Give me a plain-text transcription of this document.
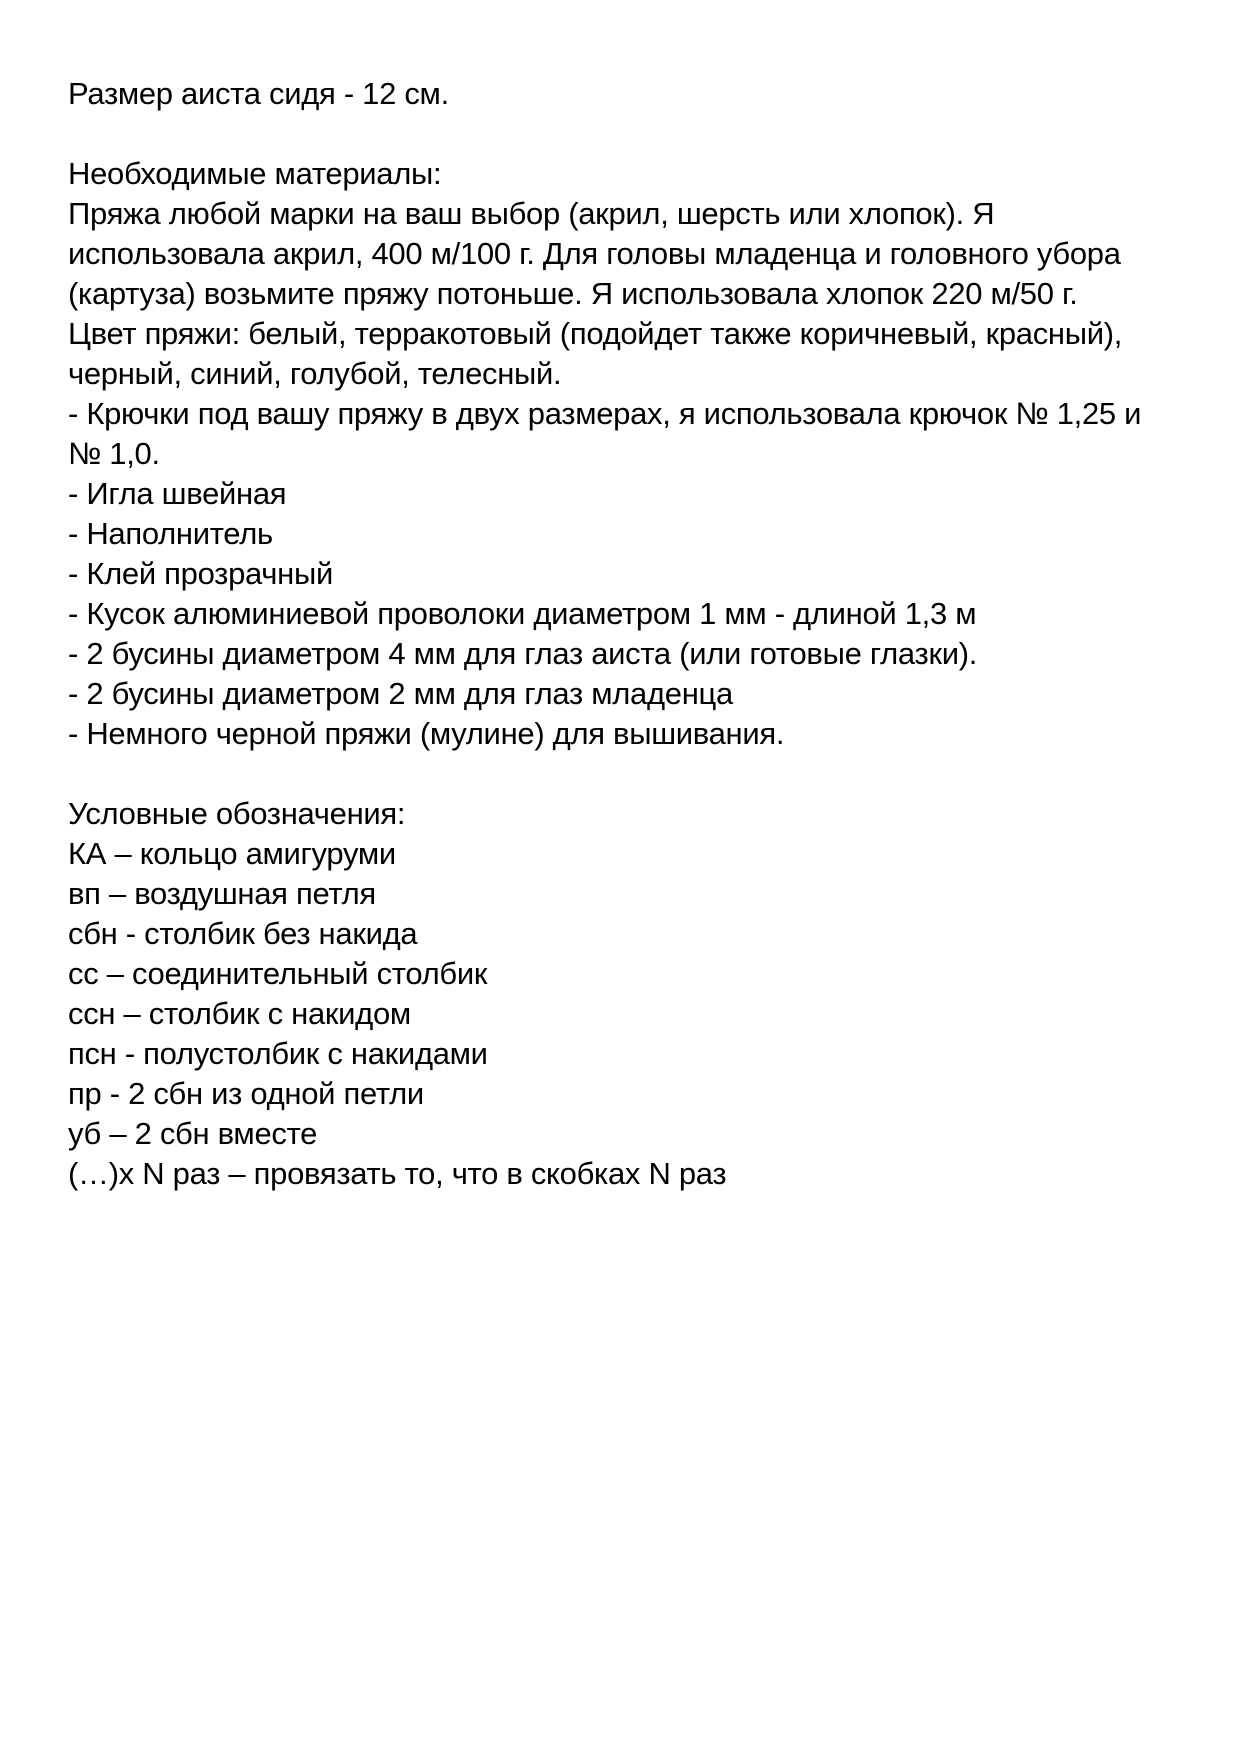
Размер аиста сидя - 12 см.
Необходимые материалы:
Пряжа любой марки на ваш выбор (акрил, шерсть или хлопок). Я
использовала акрил, 400 м/100 г. Для головы младенца и головного убора
(картуза) возьмите пряжу потоньше. Я использовала хлопок 220 м/50 г.
Цвет пряжи: белый, терракотовый (подойдет также коричневый, красный),
черный, синий, голубой, телесный.
- Крючки под вашу пряжу в двух размерах, я использовала крючок № 1,25 и
№ 1,0.
- Игла швейная
- Наполнитель
- Клей прозрачный
- Кусок алюминиевой проволоки диаметром 1 мм - длиной 1,3 м
- 2 бусины диаметром 4 мм для глаз аиста (или готовые глазки).
- 2 бусины диаметром 2 мм для глаз младенца
- Немного черной пряжи (мулине) для вышивания.
Условные обозначения:
КА – кольцо амигуруми
вп – воздушная петля
сбн - столбик без накида
сс – соединительный столбик
ссн – столбик с накидом
псн - полустолбик с накидами
пр - 2 сбн из одной петли
уб – 2 сбн вместе
(…)х N раз – провязать то, что в скобках N раз
